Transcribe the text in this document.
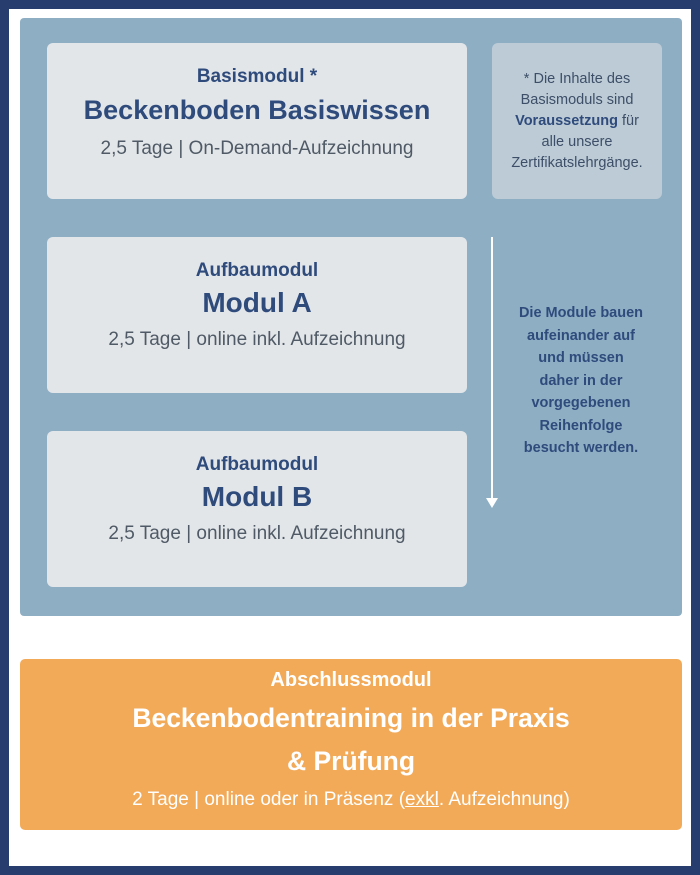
Basismodul *
Beckenboden Basiswissen
2,5 Tage | On-Demand-Aufzeichnung
* Die Inhalte des
Basismoduls sind
Voraussetzung für
alle unsere
Zertifikatslehrgänge.
Aufbaumodul
Modul A
2,5 Tage | online inkl. Aufzeichnung
Aufbaumodul
Modul B
2,5 Tage | online inkl. Aufzeichnung
Die Module bauen
aufeinander auf
und müssen
daher in der
vorgegebenen
Reihenfolge
besucht werden.
Abschlussmodul
Beckenbodentraining in der Praxis
& Prüfung
2 Tage | online oder in Präsenz (exkl. Aufzeichnung)
